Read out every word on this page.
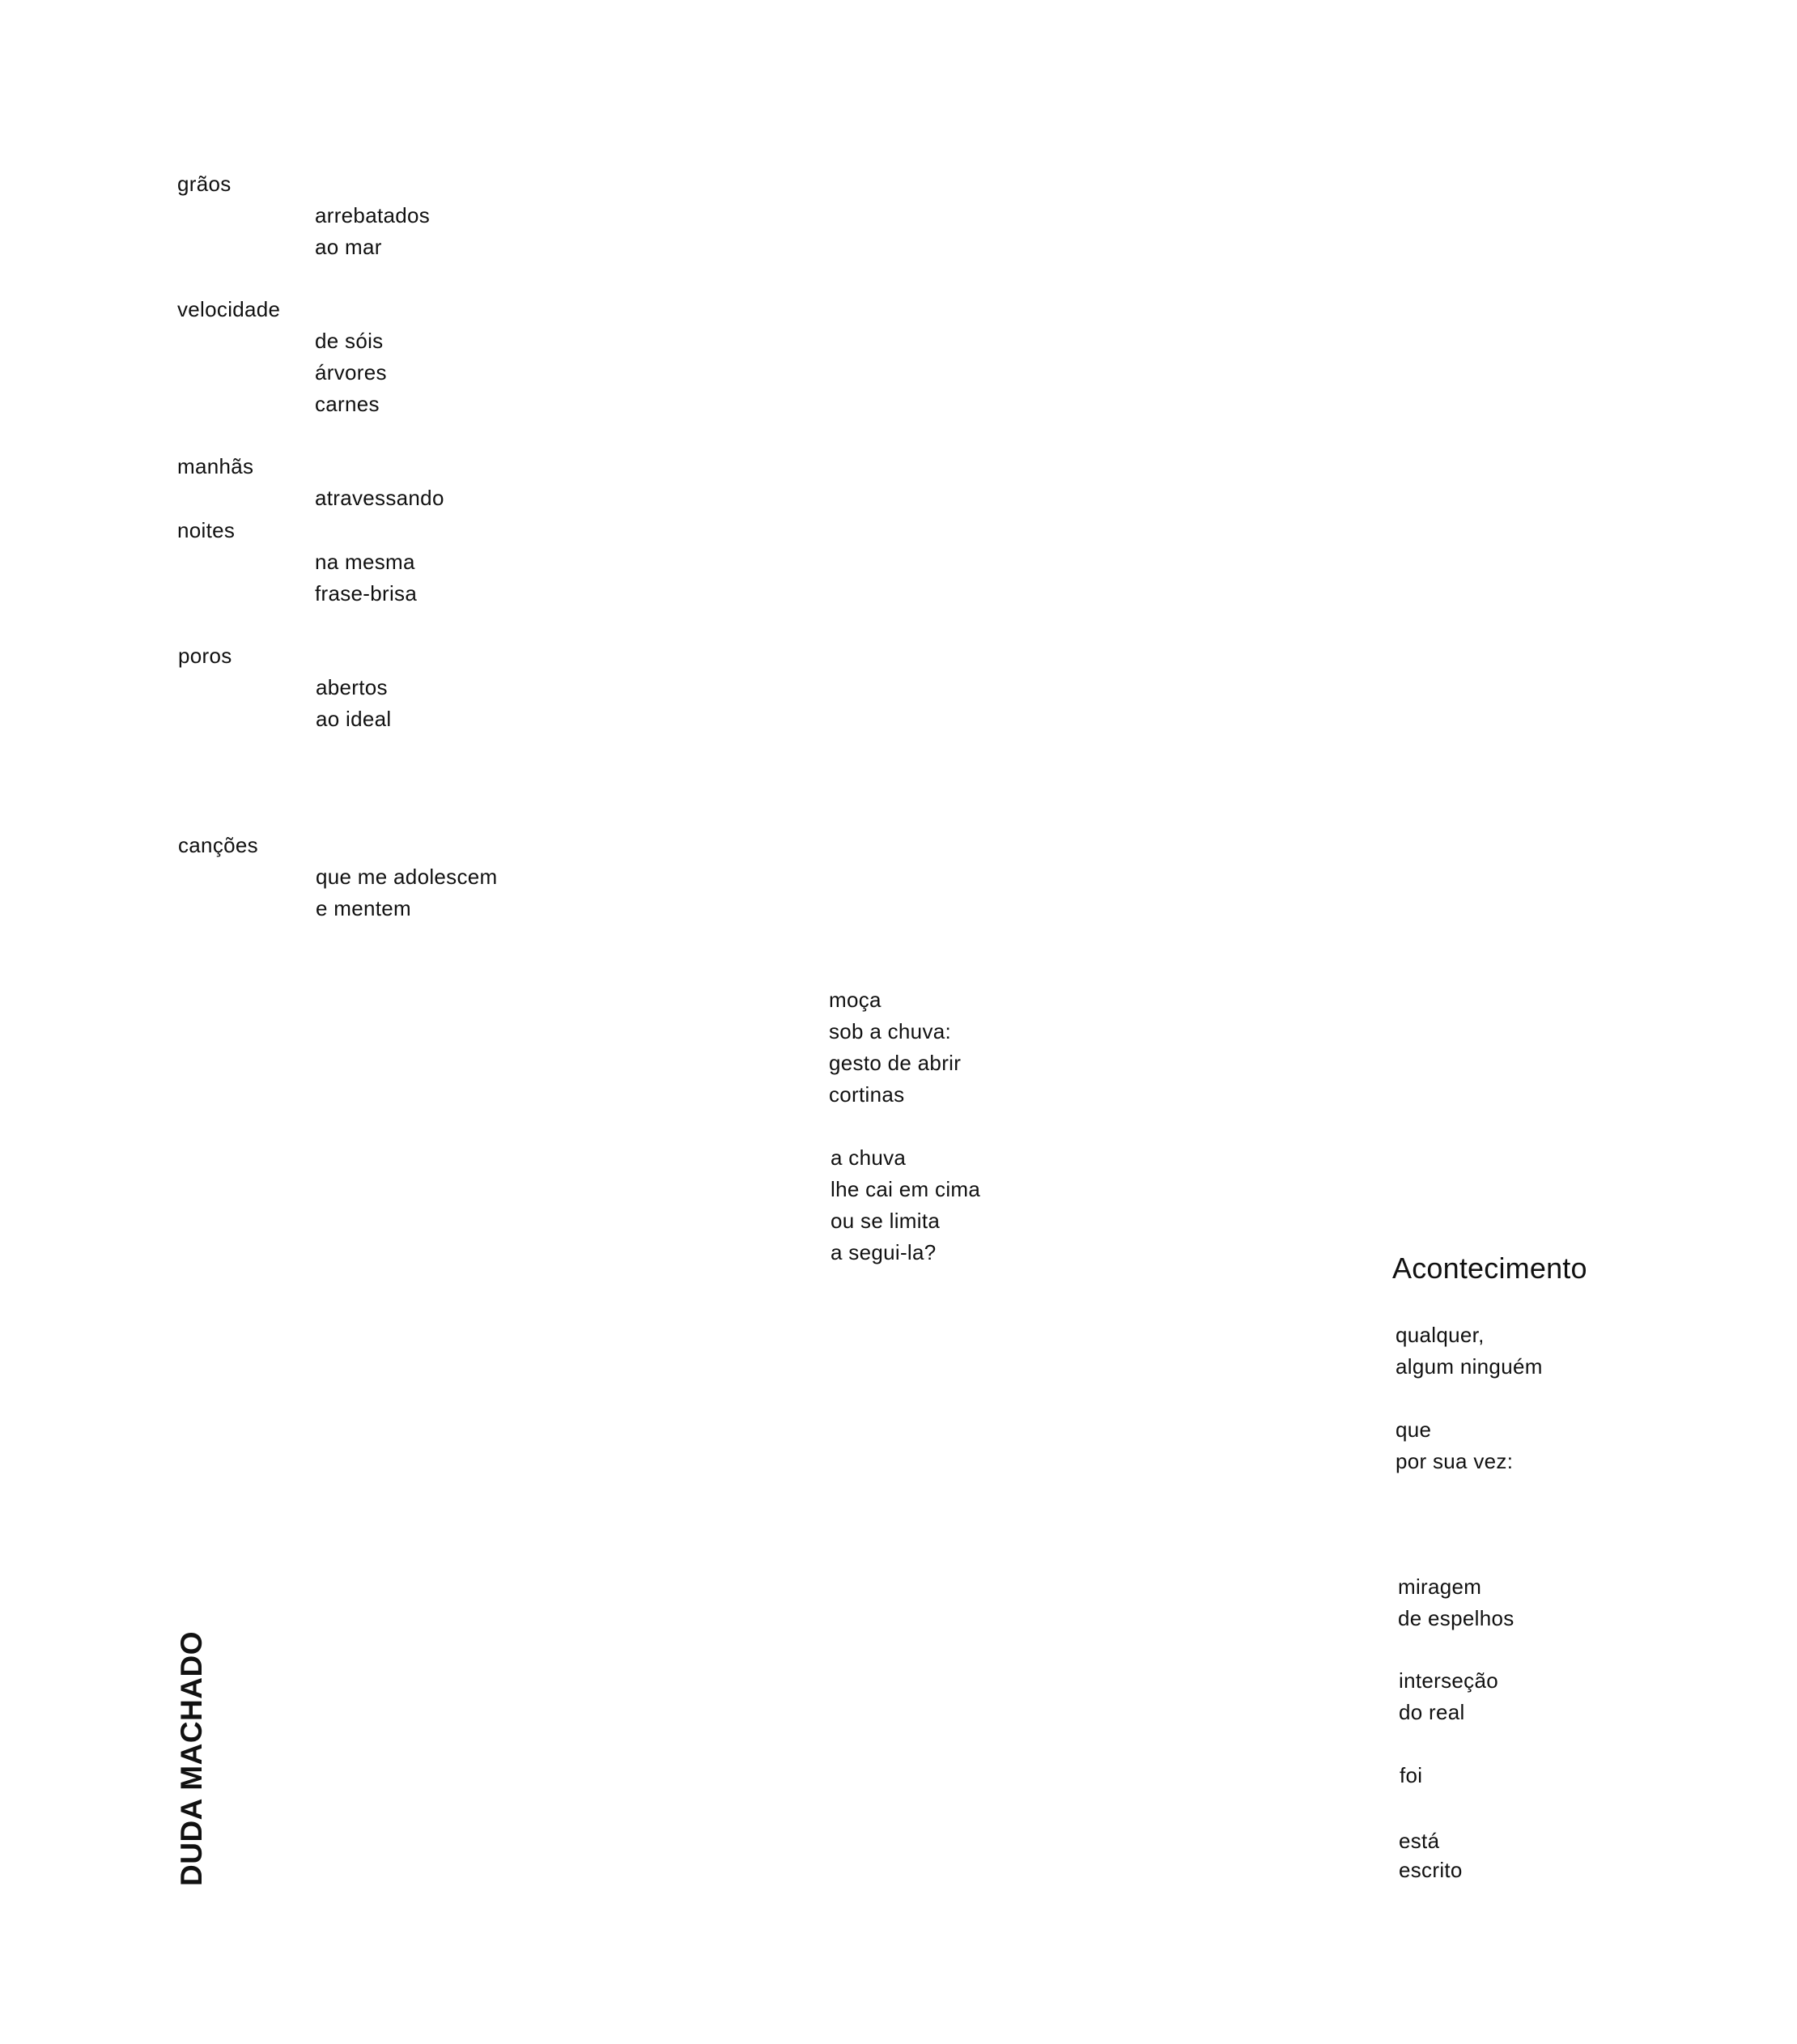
grãos
arrebatados
ao mar
velocidade
de sóis
árvores
carnes
manhãs
atravessando
noites
na mesma
frase-brisa
poros
abertos
ao ideal
canções
que me adolescem
e mentem
moça
sob a chuva:
gesto de abrir
cortinas
a chuva
lhe cai em cima
ou se limita
a segui-la?	Acontecimento
qualquer,
algum ninguém
que
por sua vez:
miragem
de espelhos
interseção
do real
foi
está
escrito
DUDA MACHADO
